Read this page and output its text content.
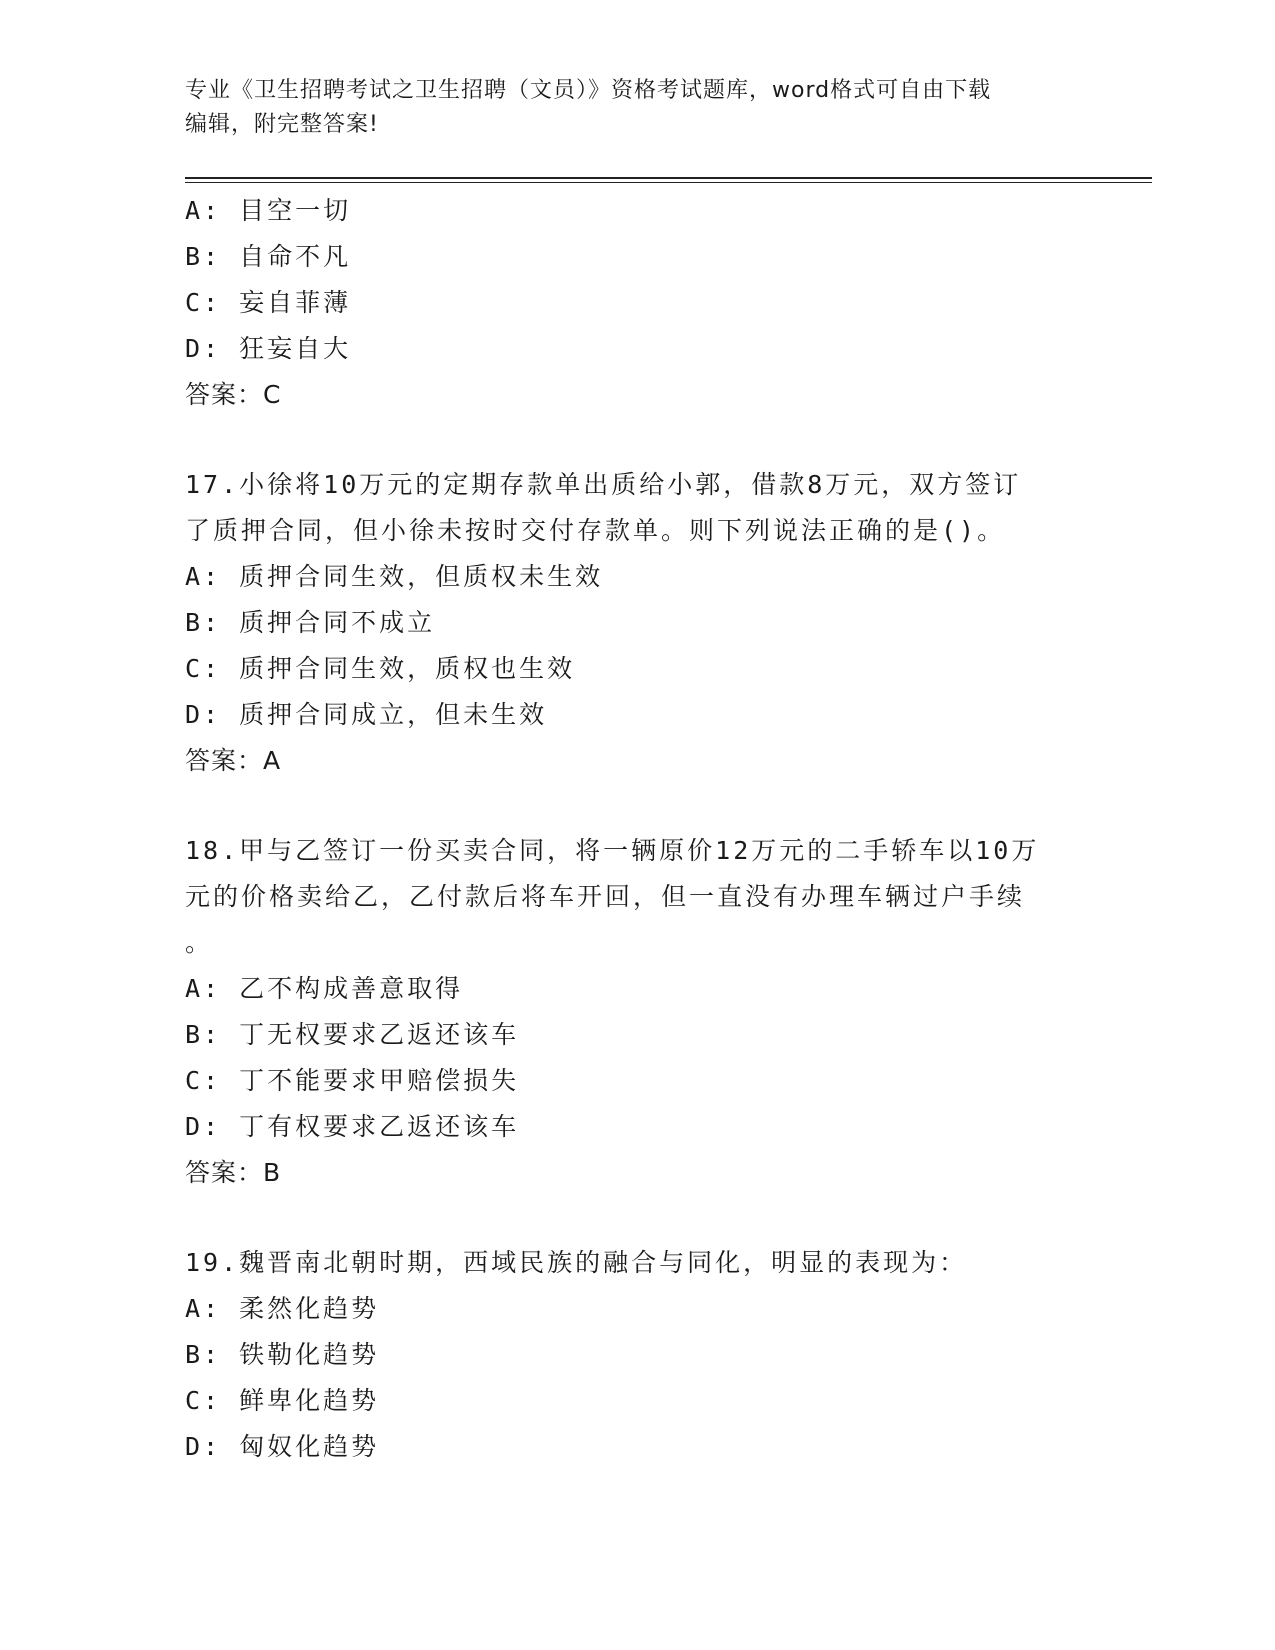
专业《卫生招聘考试之卫生招聘（文员）》资格考试题库，word格式可自由下载
编辑，附完整答案!
A: 目空一切
B: 自命不凡
C: 妄自菲薄
D: 狂妄自大
答案：C
17.小徐将10万元的定期存款单出质给小郭，借款8万元，双方签订
了质押合同，但小徐未按时交付存款单。则下列说法正确的是()。
A: 质押合同生效，但质权未生效
B: 质押合同不成立
C: 质押合同生效，质权也生效
D: 质押合同成立，但未生效
答案：A
18.甲与乙签订一份买卖合同，将一辆原价12万元的二手轿车以10万
元的价格卖给乙，乙付款后将车开回，但一直没有办理车辆过户手续
。
A: 乙不构成善意取得
B: 丁无权要求乙返还该车
C: 丁不能要求甲赔偿损失
D: 丁有权要求乙返还该车
答案：B
19.魏晋南北朝时期，西域民族的融合与同化，明显的表现为：
A: 柔然化趋势
B: 铁勒化趋势
C: 鲜卑化趋势
D: 匈奴化趋势
